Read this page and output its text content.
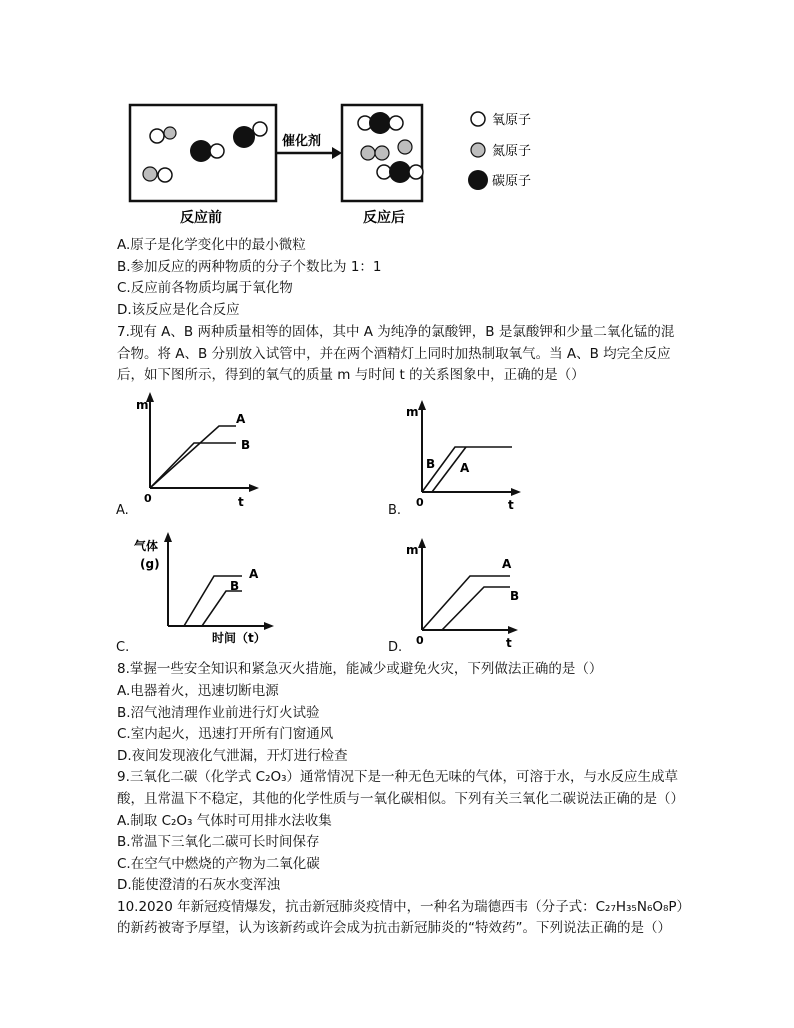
催化剂
反应前	反应后
氧原子
氮原子
碳原子
A.原子是化学变化中的最小微粒
B.参加反应的两种物质的分子个数比为 1：1
C.反应前各物质均属于氧化物
D.该反应是化合反应
7.现有 A、B 两种质量相等的固体，其中 A 为纯净的氯酸钾，B 是氯酸钾和少量二氧化锰的混
合物。将 A、B 分别放入试管中，并在两个酒精灯上同时加热制取氧气。当 A、B 均完全反应
后，如下图所示，得到的氧气的质量 m 与时间 t 的关系图象中，正确的是（）
A.
m
t
0
A
B
B.
m
t
0
B A
C.
气体
(g)
时间（t）
A
B
D.
m
t
0
A
B
8.掌握一些安全知识和紧急灭火措施，能减少或避免火灾，下列做法正确的是（）
A.电器着火，迅速切断电源
B.沼气池清理作业前进行灯火试验
C.室内起火，迅速打开所有门窗通风
D.夜间发现液化气泄漏，开灯进行检查
9.三氧化二碳（化学式 C₂O₃）通常情况下是一种无色无味的气体，可溶于水，与水反应生成草
酸，且常温下不稳定，其他的化学性质与一氧化碳相似。下列有关三氧化二碳说法正确的是（）
A.制取 C₂O₃ 气体时可用排水法收集
B.常温下三氧化二碳可长时间保存
C.在空气中燃烧的产物为二氧化碳
D.能使澄清的石灰水变浑浊
10.2020 年新冠疫情爆发，抗击新冠肺炎疫情中，一种名为瑞德西韦（分子式：C₂₇H₃₅N₆O₈P）
的新药被寄予厚望，认为该新药或许会成为抗击新冠肺炎的“特效药”。下列说法正确的是（）
